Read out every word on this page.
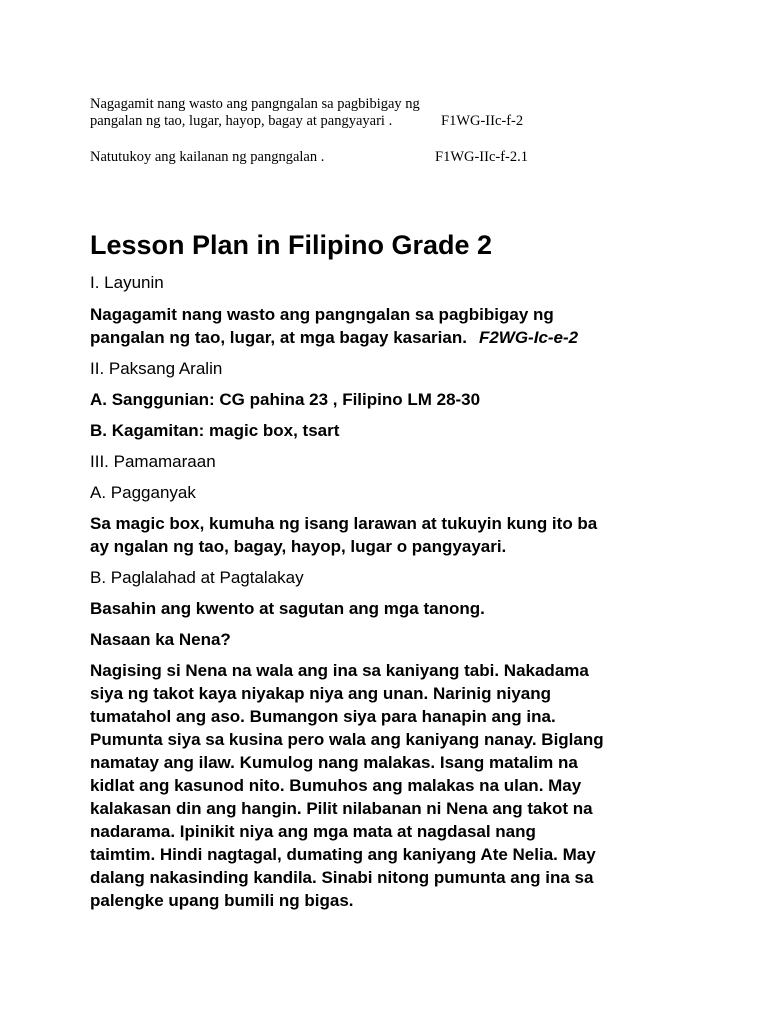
Nagagamit nang wasto ang pangngalan sa pagbibigay ng
pangalan ng tao, lugar, hayop, bagay at pangyayari .	F1WG-IIc-f-2
Natutukoy ang kailanan ng pangngalan .	F1WG-IIc-f-2.1
Lesson Plan in Filipino Grade 2
I. Layunin
Nagagamit nang wasto ang pangngalan sa pagbibigay ng
pangalan ng tao, lugar, at mga bagay kasarian. F2WG-Ic-e-2
II. Paksang Aralin
A. Sanggunian: CG pahina 23 , Filipino LM 28-30
B. Kagamitan: magic box, tsart
III. Pamamaraan
A. Pagganyak
Sa magic box, kumuha ng isang larawan at tukuyin kung ito ba
ay ngalan ng tao, bagay, hayop, lugar o pangyayari.
B. Paglalahad at Pagtalakay
Basahin ang kwento at sagutan ang mga tanong.
Nasaan ka Nena?
Nagising si Nena na wala ang ina sa kaniyang tabi. Nakadama
siya ng takot kaya niyakap niya ang unan. Narinig niyang
tumatahol ang aso. Bumangon siya para hanapin ang ina.
Pumunta siya sa kusina pero wala ang kaniyang nanay. Biglang
namatay ang ilaw. Kumulog nang malakas. Isang matalim na
kidlat ang kasunod nito. Bumuhos ang malakas na ulan. May
kalakasan din ang hangin. Pilit nilabanan ni Nena ang takot na
nadarama. Ipinikit niya ang mga mata at nagdasal nang
taimtim. Hindi nagtagal, dumating ang kaniyang Ate Nelia. May
dalang nakasinding kandila. Sinabi nitong pumunta ang ina sa
palengke upang bumili ng bigas.
